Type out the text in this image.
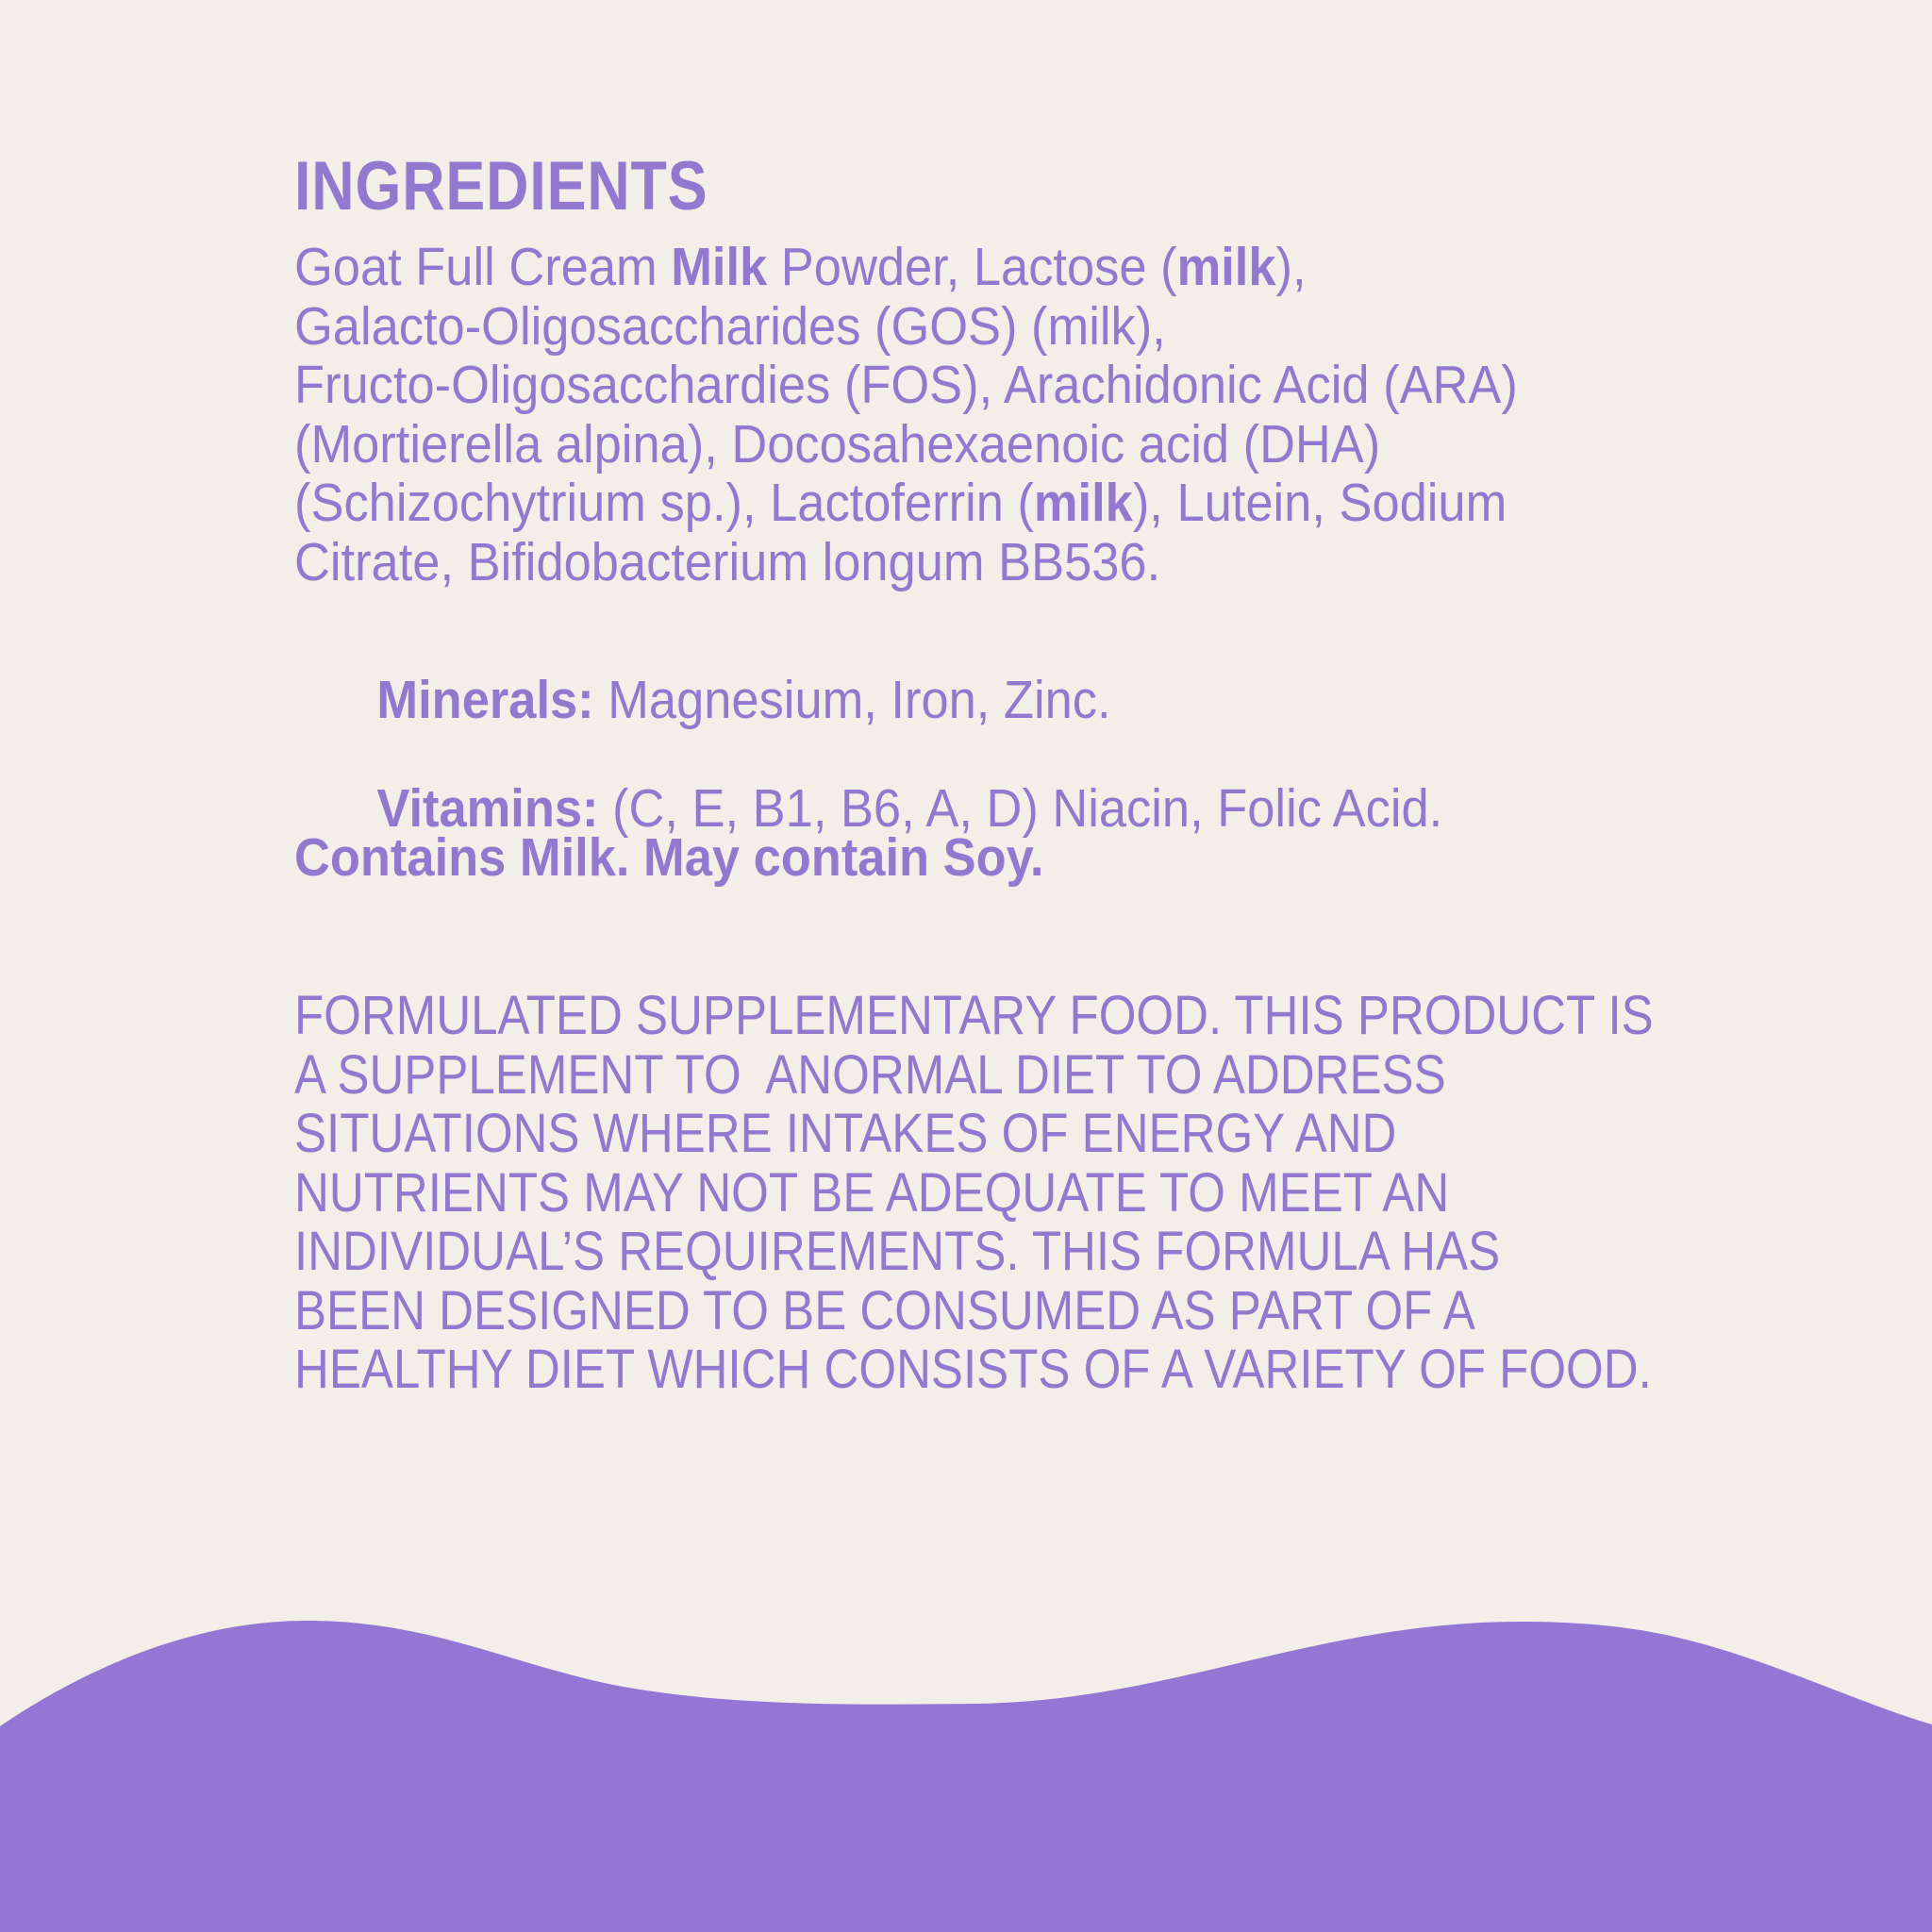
INGREDIENTS
Goat Full Cream Milk Powder, Lactose (milk),
Galacto-Oligosaccharides (GOS) (milk),
Fructo-Oligosacchardies (FOS), Arachidonic Acid (ARA)
(Mortierella alpina), Docosahexaenoic acid (DHA)
(Schizochytrium sp.), Lactoferrin (milk), Lutein, Sodium
Citrate, Bifidobacterium longum BB536.

Minerals: Magnesium, Iron, Zinc.

Vitamins: (C, E, B1, B6, A, D) Niacin, Folic Acid.

Contains Milk. May contain Soy.
FORMULATED SUPPLEMENTARY FOOD. THIS PRODUCT IS
A SUPPLEMENT TO  ANORMAL DIET TO ADDRESS
SITUATIONS WHERE INTAKES OF ENERGY AND
NUTRIENTS MAY NOT BE ADEQUATE TO MEET AN
INDIVIDUAL’S REQUIREMENTS. THIS FORMULA HAS
BEEN DESIGNED TO BE CONSUMED AS PART OF A
HEALTHY DIET WHICH CONSISTS OF A VARIETY OF FOOD.
